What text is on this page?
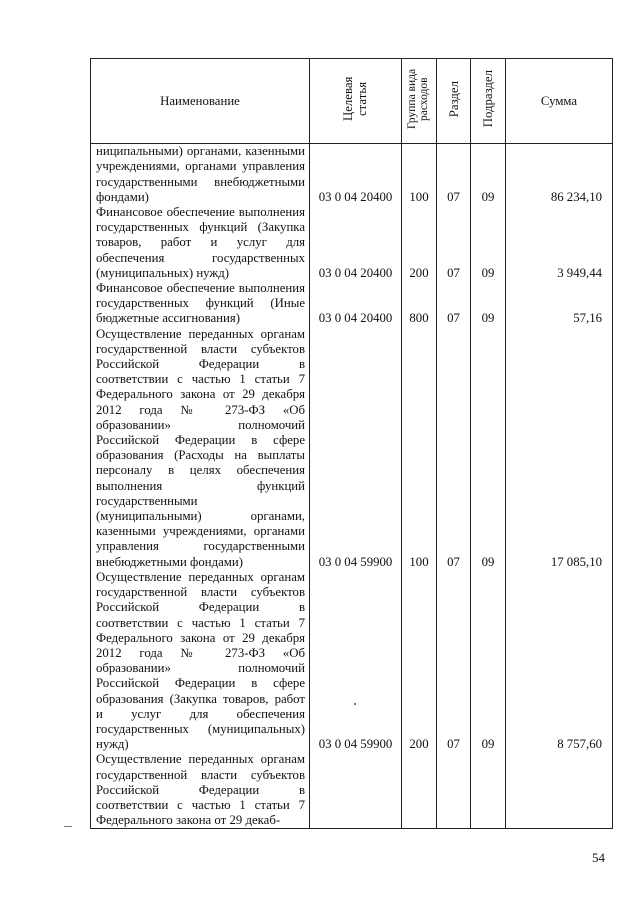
Наименование	Целевая статья	Группа вида расходов	Раздел	Подраздел	Сумма
ниципальными) органами, казенными учреждениями, органами управления государственными внебюджетными фондами)	03 0 04 20400	100	07	09	86 234,10
Финансовое обеспечение выполнения государственных функций (Закупка товаров, работ и услуг для обеспечения государственных (муниципальных) нужд)	03 0 04 20400	200	07	09	3 949,44
Финансовое обеспечение выполнения государственных функций (Иные бюджетные ассигнования)	03 0 04 20400	800	07	09	57,16
Осуществление переданных органам государственной власти субъектов Российской Федерации в соответствии с частью 1 статьи 7 Федерального закона от 29 декабря 2012 года № 273-ФЗ «Об образовании» полномочий Российской Федерации в сфере образования (Расходы на выплаты персоналу в целях обеспечения выполнения функций государственными (муниципальными) органами, казенными учреждениями, органами управления государственными внебюджетными фондами)	03 0 04 59900	100	07	09	17 085,10
Осуществление переданных органам государственной власти субъектов Российской Федерации в соответствии с частью 1 статьи 7 Федерального закона от 29 декабря 2012 года № 273-ФЗ «Об образовании» полномочий Российской Федерации в сфере образования (Закупка товаров, работ и услуг для обеспечения государственных (муниципальных) нужд)	03 0 04 59900	200	07	09	8 757,60
Осуществление переданных органам государственной власти субъектов Российской Федерации в соответствии с частью 1 статьи 7 Федерального закона от 29 декаб-					
54
